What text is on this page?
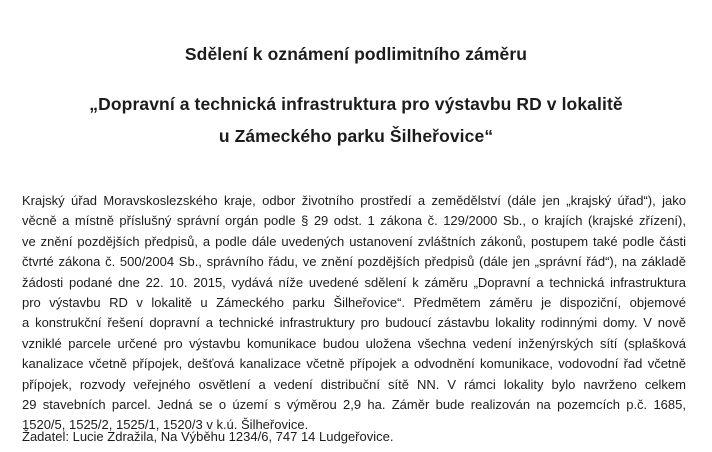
Sdělení k oznámení podlimitního záměru
„Dopravní a technická infrastruktura pro výstavbu RD v lokalitě
u Zámeckého parku Šilheřovice“
Krajský úřad Moravskoslezského kraje, odbor životního prostředí a zemědělství (dále jen „krajský úřad“), jako
věcně a místně příslušný správní orgán podle § 29 odst. 1 zákona č. 129/2000 Sb., o krajích (krajské zřízení),
ve znění pozdějších předpisů, a podle dále uvedených ustanovení zvláštních zákonů, postupem také podle části
čtvrté zákona č. 500/2004 Sb., správního řádu, ve znění pozdějších předpisů (dále jen „správní řád“), na základě
žádosti podané dne 22. 10. 2015, vydává níže uvedené sdělení k záměru „Dopravní a technická infrastruktura
pro výstavbu RD v lokalitě u Zámeckého parku Šilheřovice“. Předmětem záměru je dispoziční, objemové
a konstrukční řešení dopravní a technické infrastruktury pro budoucí zástavbu lokality rodinnými domy. V nově
vzniklé parcele určené pro výstavbu komunikace budou uložena všechna vedení inženýrských sítí (splašková
kanalizace včetně přípojek, dešťová kanalizace včetně přípojek a odvodnění komunikace, vodovodní řad včetně
přípojek, rozvody veřejného osvětlení a vedení distribuční sítě NN. V rámci lokality bylo navrženo celkem
29 stavebních parcel. Jedná se o území s výměrou 2,9 ha. Záměr bude realizován na pozemcích p.č. 1685,
1520/5, 1525/2, 1525/1, 1520/3 v k.ú. Šilheřovice.
Žadatel: Lucie Zdražila, Na Výběhu 1234/6, 747 14 Ludgeřovice.
